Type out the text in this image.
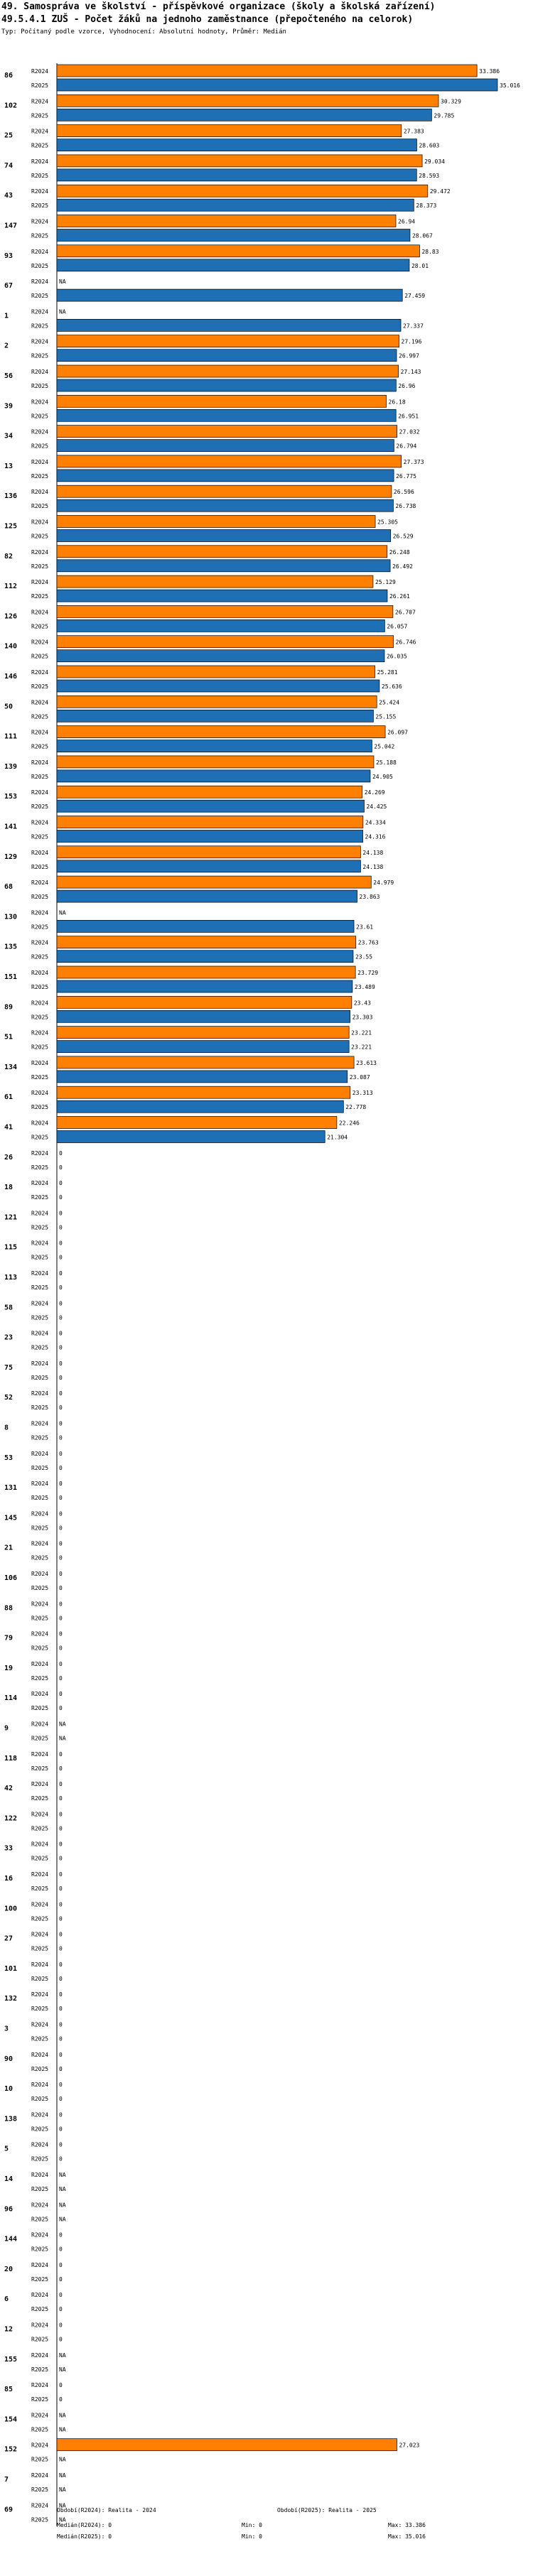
49. Samospráva ve školství - příspěvkové organizace (školy a školská zařízení)
49.5.4.1 ZUŠ - Počet žáků na jednoho zaměstnance (přepočteného na celorok)
Typ: Počítaný podle vzorce, Vyhodnocení: Absolutní hodnoty, Průměr: Medián
86
R2024	33.386
R2025	35.016
102
R2024	30.329
R2025	29.785
25
R2024	27.383
R2025	28.603
74
R2024	29.034
R2025	28.593
43
R2024	29.472
R2025	28.373
147
R2024	26.94
R2025	28.067
93
R2024	28.83
R2025	28.01
67
R2024 NA
R2025	27.459
1
R2024 NA
R2025	27.337
2
R2024	27.196
R2025	26.997
56
R2024	27.143
R2025	26.96
39
R2024	26.18
R2025	26.951
34
R2024	27.032
R2025	26.794
13
R2024	27.373
R2025	26.775
136
R2024	26.596
R2025	26.738
125
R2024	25.305
R2025	26.529
82
R2024	26.248
R2025	26.492
112
R2024	25.129
R2025	26.261
126
R2024	26.707
R2025	26.057
140
R2024	26.746
R2025	26.035
146
R2024	25.281
R2025	25.636
50
R2024	25.424
R2025	25.155
111
R2024	26.097
R2025	25.042
139
R2024	25.188
R2025	24.905
153
R2024	24.269
R2025	24.425
141
R2024	24.334
R2025	24.316
129
R2024	24.138
R2025	24.138
68
R2024	24.979
R2025	23.863
130
R2024 NA
R2025	23.61
135
R2024	23.763
R2025	23.55
151
R2024	23.729
R2025	23.489
89
R2024	23.43
R2025	23.303
51
R2024	23.221
R2025	23.221
134
R2024	23.613
R2025	23.087
61
R2024	23.313
R2025	22.778
41
R2024	22.246
R2025	21.304
26
R2024 0
R2025 0
18
R2024 0
R2025 0
121
R2024 0
R2025 0
115
R2024 0
R2025 0
113
R2024 0
R2025 0
58
R2024 0
R2025 0
23
R2024 0
R2025 0
75
R2024 0
R2025 0
52
R2024 0
R2025 0
8
R2024 0
R2025 0
53
R2024 0
R2025 0
131
R2024 0
R2025 0
145
R2024 0
R2025 0
21
R2024 0
R2025 0
106
R2024 0
R2025 0
88
R2024 0
R2025 0
79
R2024 0
R2025 0
19
R2024 0
R2025 0
114
R2024 0
R2025 0
9
R2024 NA
R2025 NA
118
R2024 0
R2025 0
42
R2024 0
R2025 0
122
R2024 0
R2025 0
33
R2024 0
R2025 0
16
R2024 0
R2025 0
100
R2024 0
R2025 0
27
R2024 0
R2025 0
101
R2024 0
R2025 0
132
R2024 0
R2025 0
3
R2024 0
R2025 0
90
R2024 0
R2025 0
10
R2024 0
R2025 0
138
R2024 0
R2025 0
5
R2024 0
R2025 0
14
R2024 NA
R2025 NA
96
R2024 NA
R2025 NA
144
R2024 0
R2025 0
20
R2024 0
R2025 0
6
R2024 0
R2025 0
12
R2024 0
R2025 0
155
R2024 NA
R2025 NA
85
R2024 0
R2025 0
154
R2024 NA
R2025 NA
152
R2024	27.023
R2025 NA
7
R2024 NA
R2025 NA
69
R2024 NA
R2025 NA
Období(R2024): Realita - 2024	Období(R2025): Realita - 2025
Medián(R2024): 0	Min: 0	Max: 33.386
Medián(R2025): 0	Min: 0	Max: 35.016
